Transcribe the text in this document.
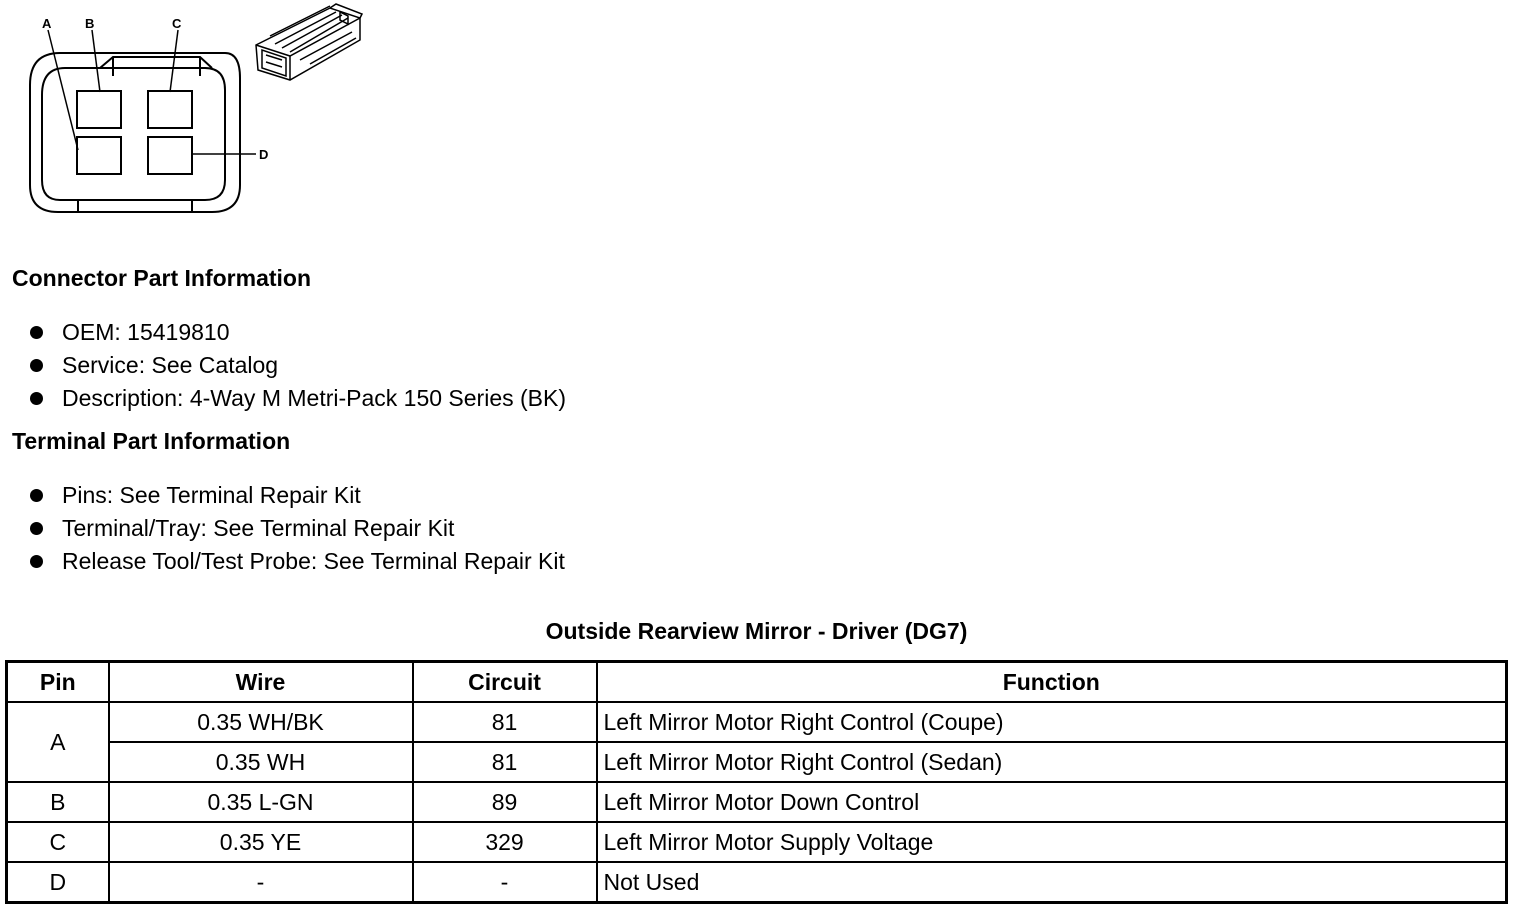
A	B	C
D
Connector Part Information
OEM: 15419810
Service: See Catalog
Description: 4-Way M Metri-Pack 150 Series (BK)
Terminal Part Information
Pins: See Terminal Repair Kit
Terminal/Tray: See Terminal Repair Kit
Release Tool/Test Probe: See Terminal Repair Kit
Outside Rearview Mirror - Driver (DG7)
Pin	Wire	Circuit	Function
A	0.35 WH/BK	81	Left Mirror Motor Right Control (Coupe)
	0.35 WH	81	Left Mirror Motor Right Control (Sedan)
B	0.35 L-GN	89	Left Mirror Motor Down Control
C	0.35 YE	329	Left Mirror Motor Supply Voltage
D	-	-	Not Used
